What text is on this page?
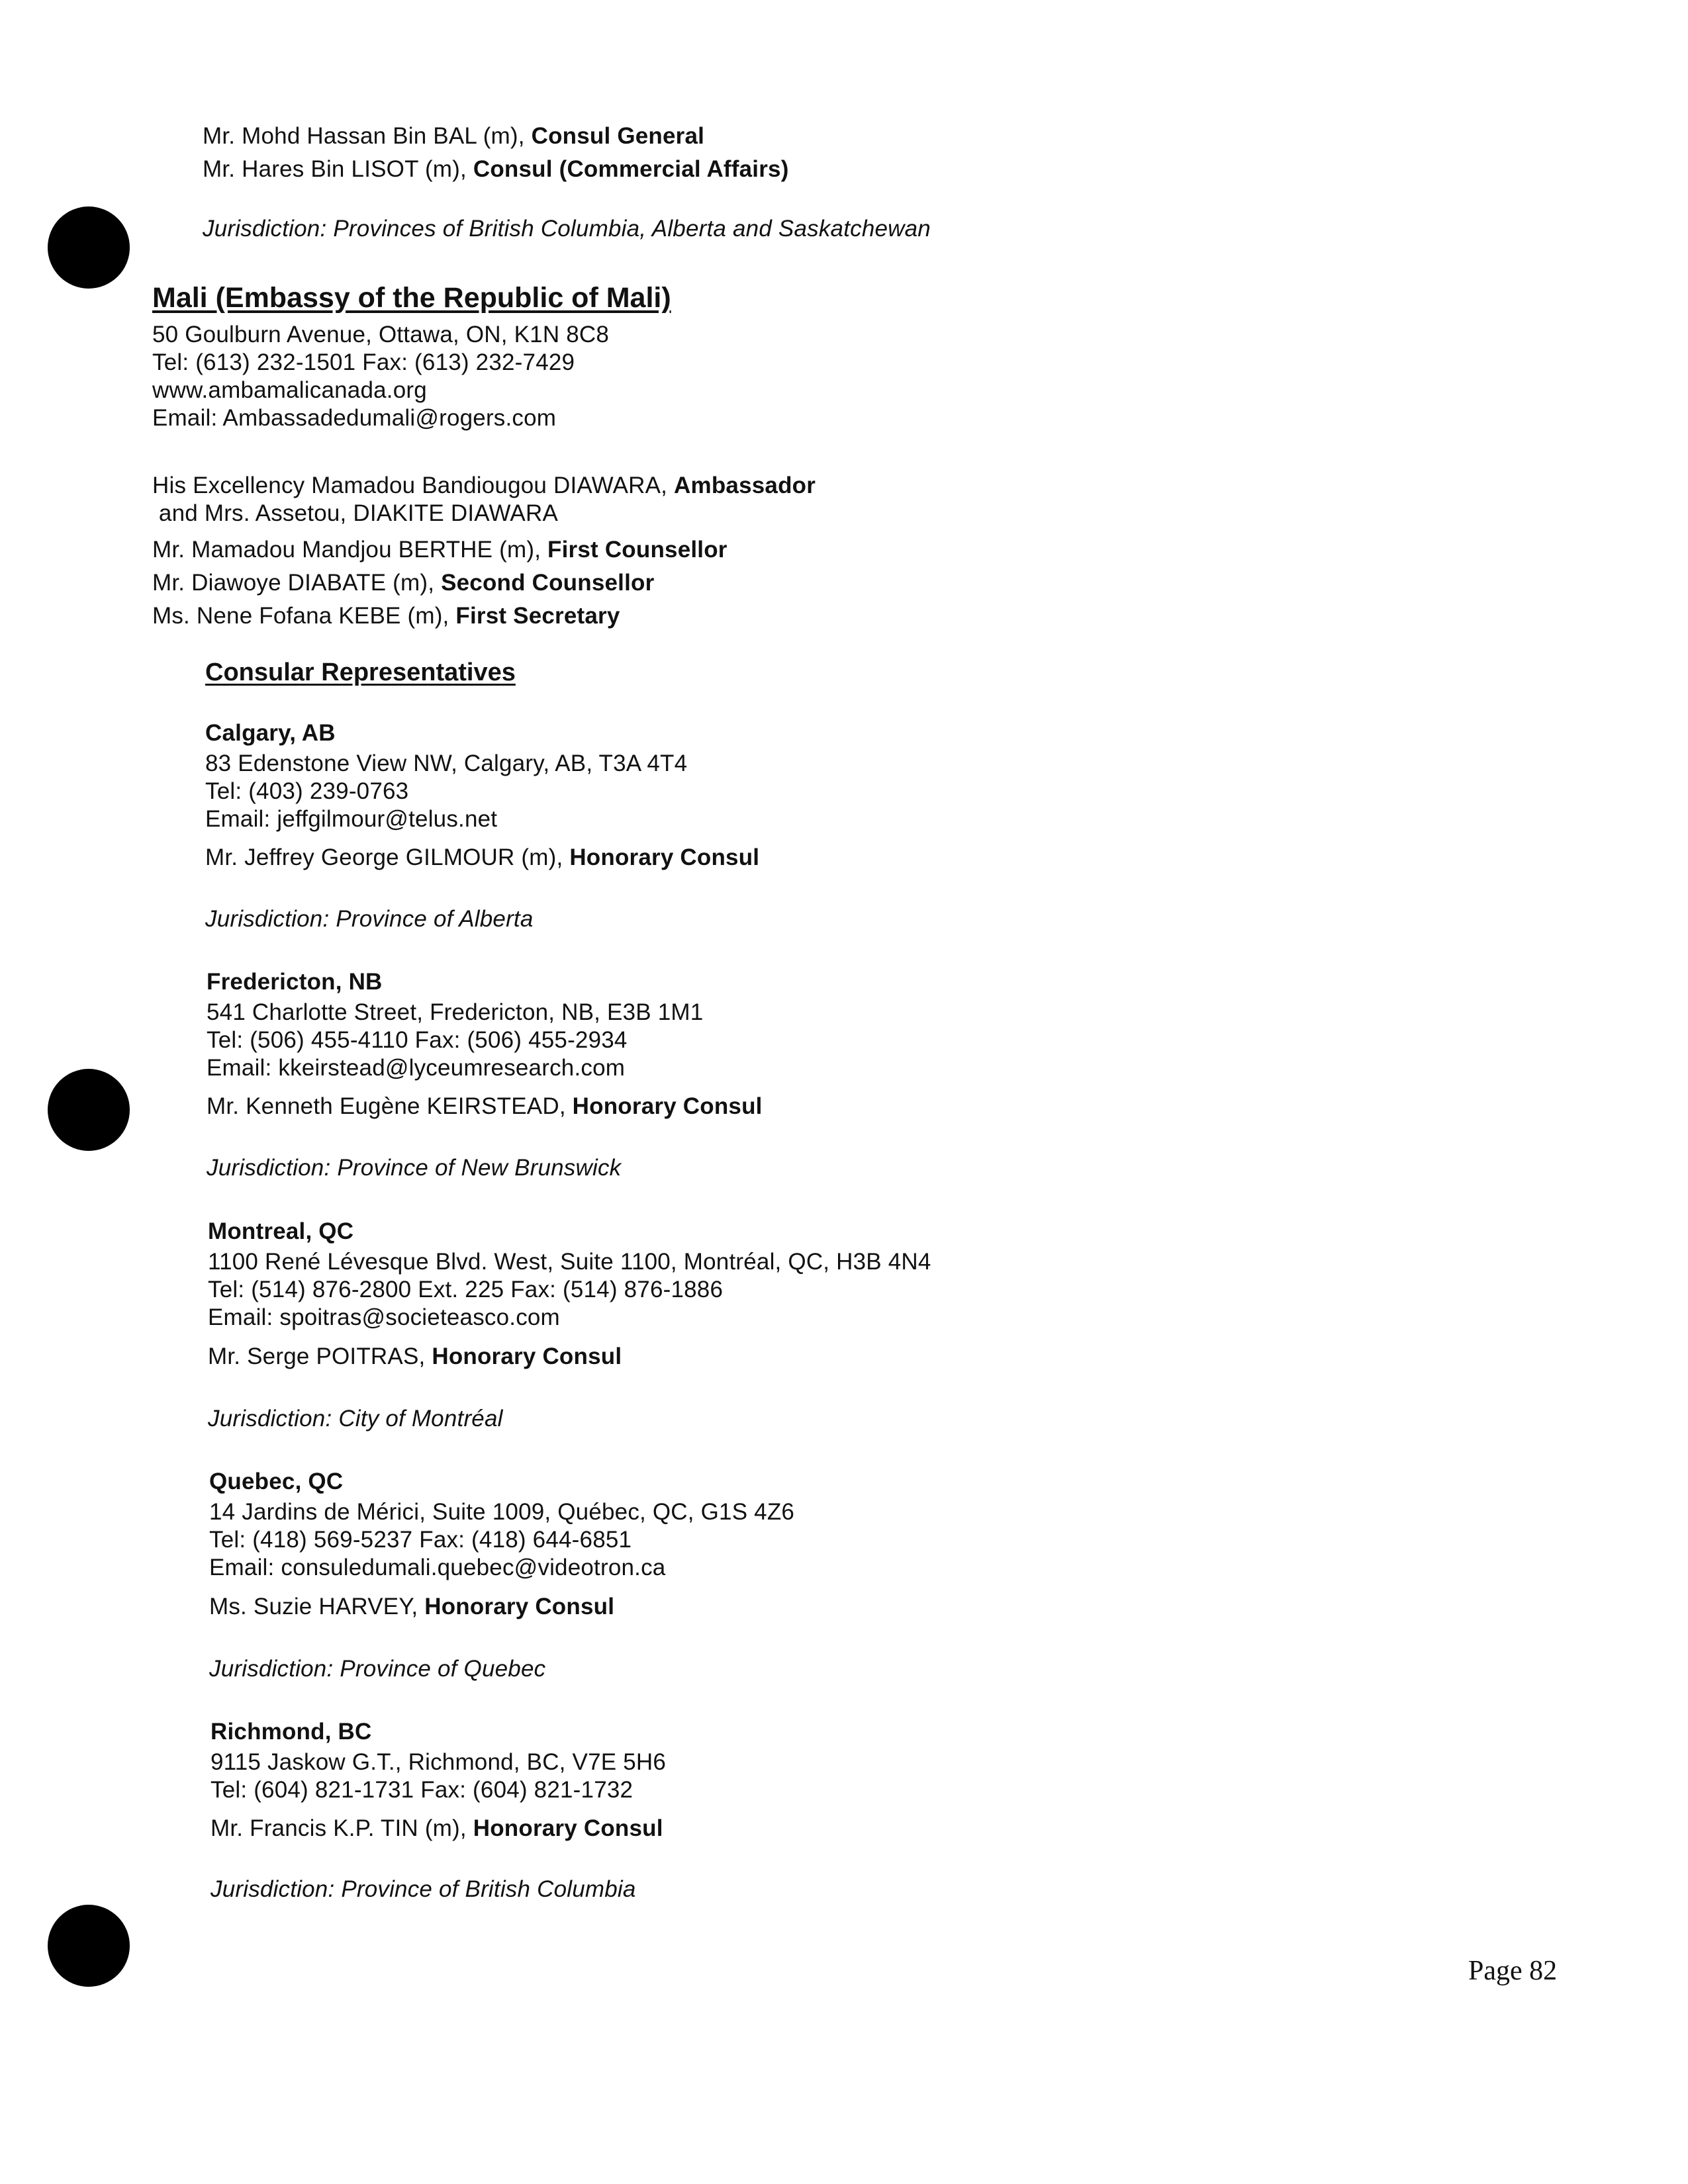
Mr. Mohd Hassan Bin BAL (m), Consul General
Mr. Hares Bin LISOT (m), Consul (Commercial Affairs)
Jurisdiction: Provinces of British Columbia, Alberta and Saskatchewan
Mali (Embassy of the Republic of Mali)
50 Goulburn Avenue, Ottawa, ON, K1N 8C8
Tel: (613) 232-1501 Fax: (613) 232-7429
www.ambamalicanada.org
Email: Ambassadedumali@rogers.com
His Excellency Mamadou Bandiougou DIAWARA, Ambassador
and Mrs. Assetou, DIAKITE DIAWARA
Mr. Mamadou Mandjou BERTHE (m), First Counsellor
Mr. Diawoye DIABATE (m), Second Counsellor
Ms. Nene Fofana KEBE (m), First Secretary
Consular Representatives
Calgary, AB
83 Edenstone View NW, Calgary, AB, T3A 4T4
Tel: (403) 239-0763
Email: jeffgilmour@telus.net
Mr. Jeffrey George GILMOUR (m), Honorary Consul
Jurisdiction: Province of Alberta
Fredericton, NB
541 Charlotte Street, Fredericton, NB, E3B 1M1
Tel: (506) 455-4110 Fax: (506) 455-2934
Email: kkeirstead@lyceumresearch.com
Mr. Kenneth Eugène KEIRSTEAD, Honorary Consul
Jurisdiction: Province of New Brunswick
Montreal, QC
1100 René Lévesque Blvd. West, Suite 1100, Montréal, QC, H3B 4N4
Tel: (514) 876-2800 Ext. 225 Fax: (514) 876-1886
Email: spoitras@societeasco.com
Mr. Serge POITRAS, Honorary Consul
Jurisdiction: City of Montréal
Quebec, QC
14 Jardins de Mérici, Suite 1009, Québec, QC, G1S 4Z6
Tel: (418) 569-5237 Fax: (418) 644-6851
Email: consuledumali.quebec@videotron.ca
Ms. Suzie HARVEY, Honorary Consul
Jurisdiction: Province of Quebec
Richmond, BC
9115 Jaskow G.T., Richmond, BC, V7E 5H6
Tel: (604) 821-1731 Fax: (604) 821-1732
Mr. Francis K.P. TIN (m), Honorary Consul
Jurisdiction: Province of British Columbia
Page 82
